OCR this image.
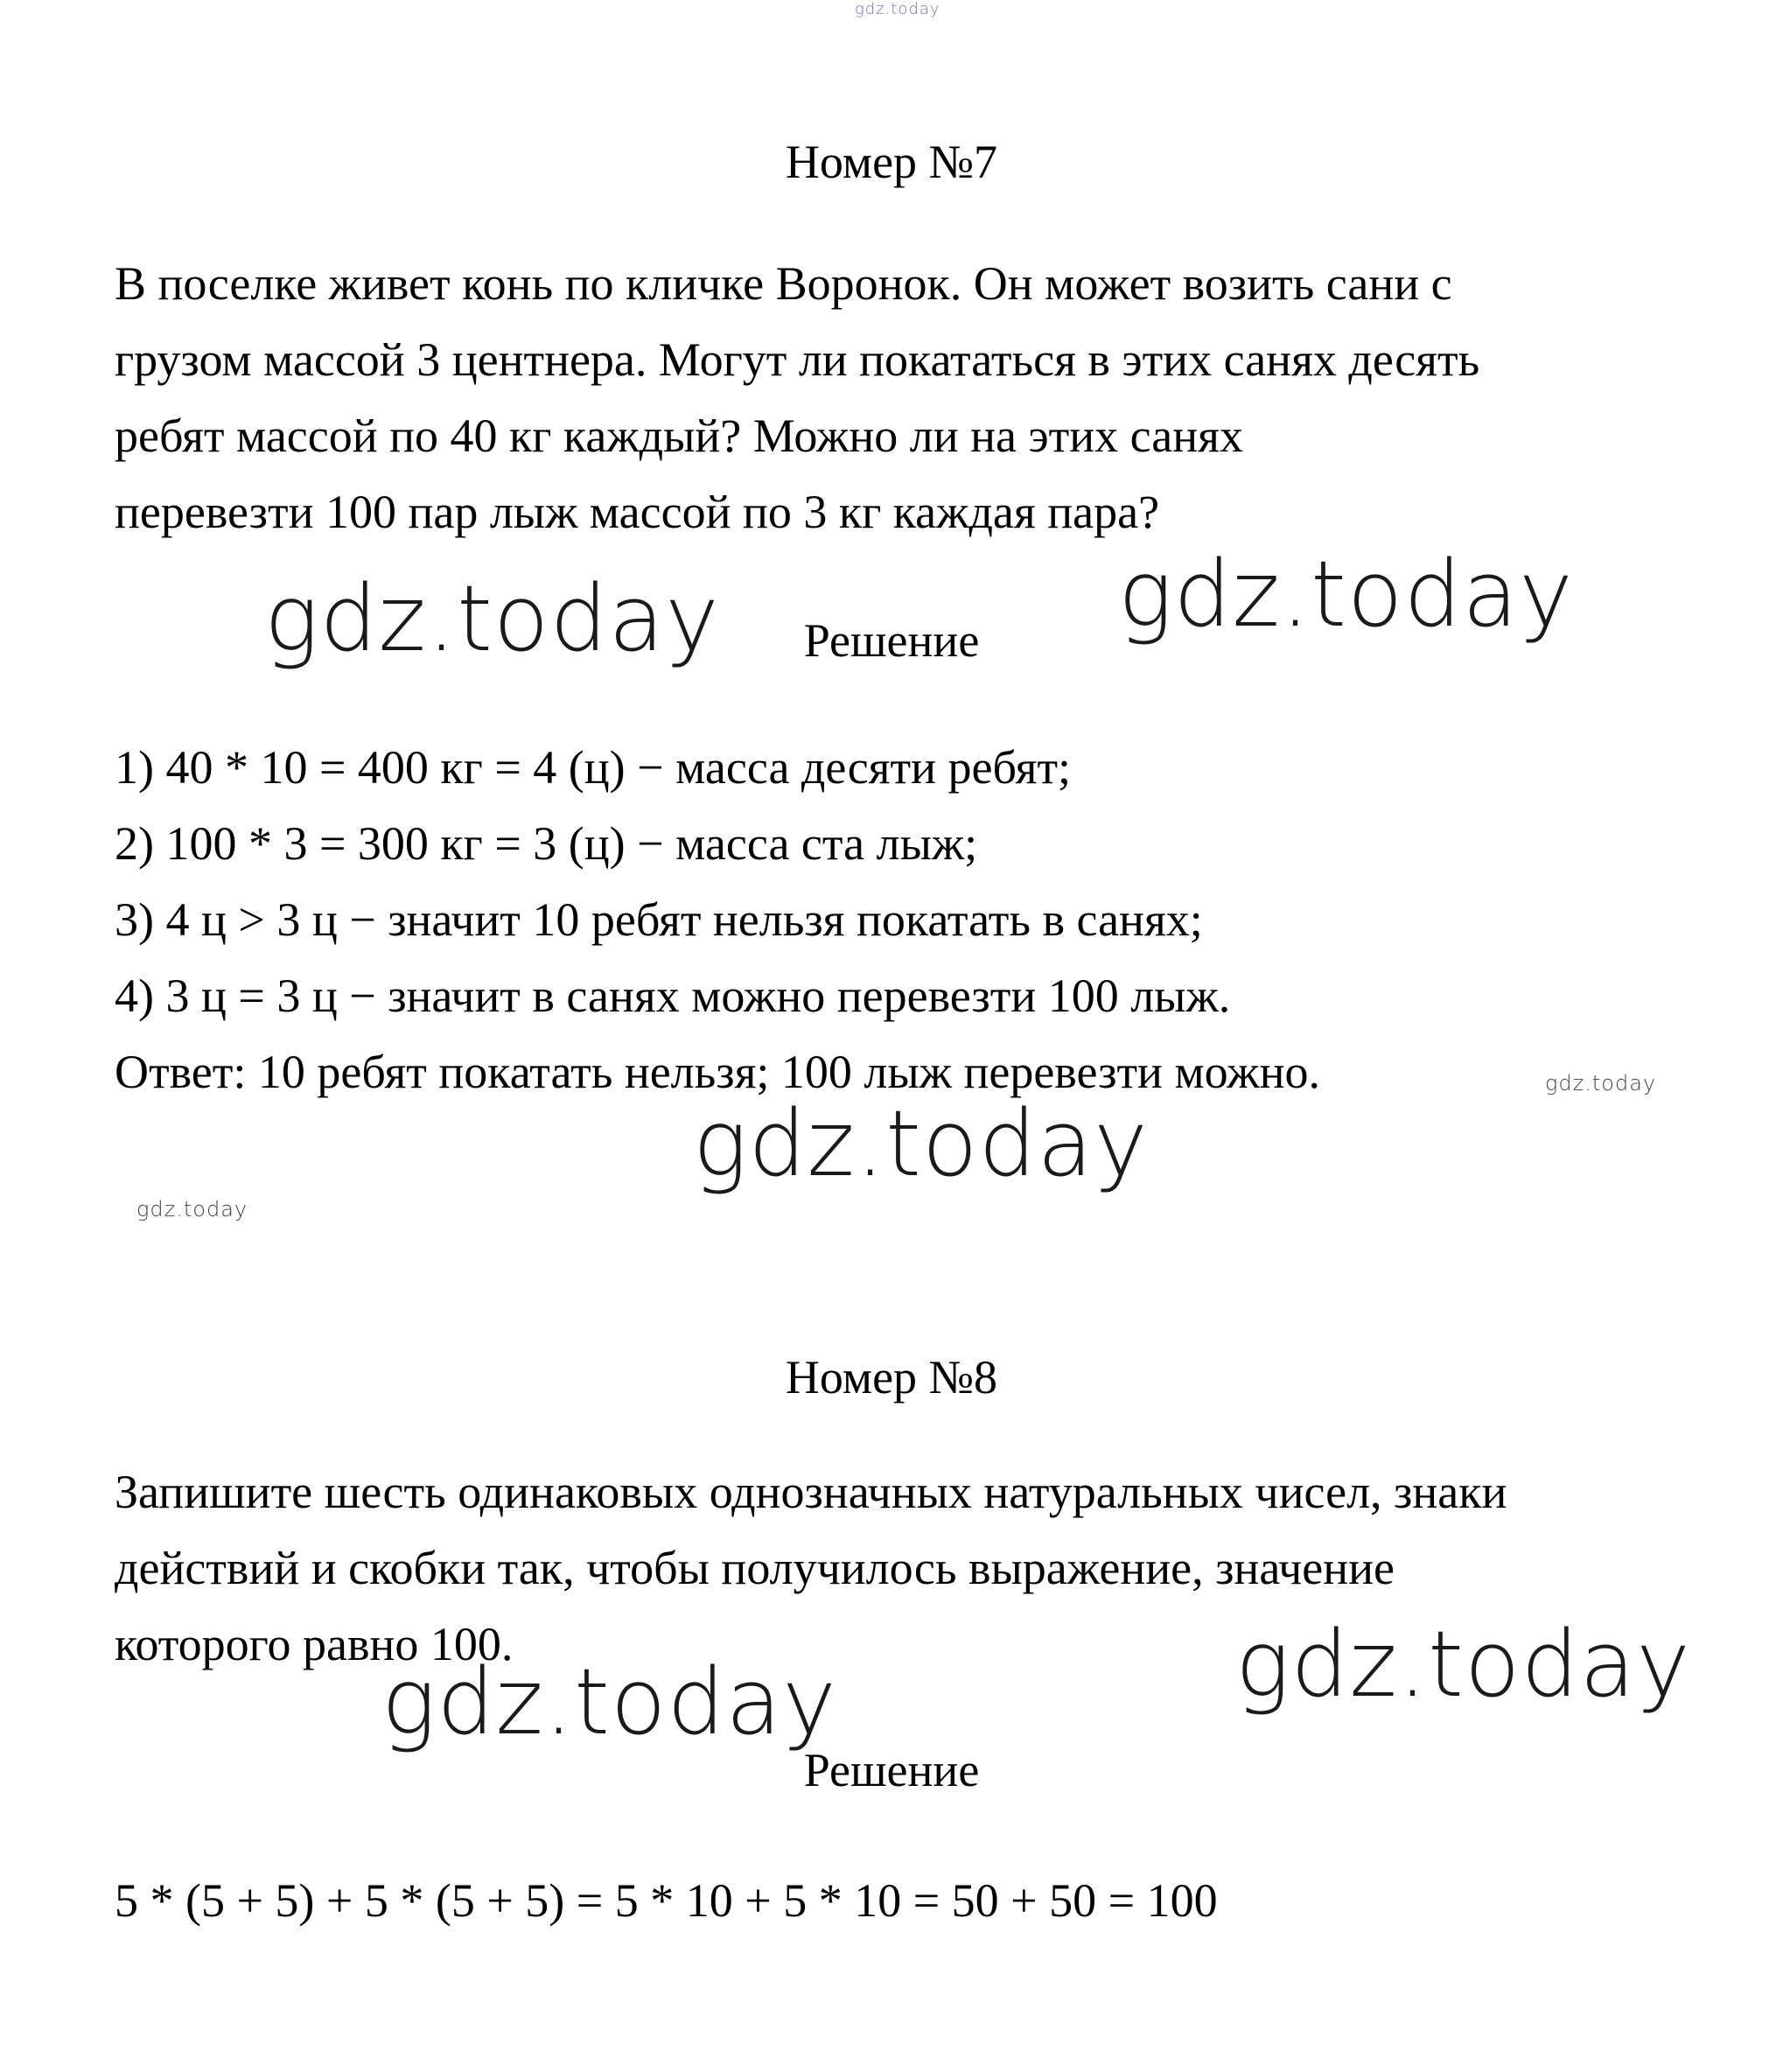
gdz.today
Номер №7
В поселке живет конь по кличке Воронок. Он может возить сани с
грузом массой 3 центнера. Могут ли покататься в этих санях десять
ребят массой по 40 кг каждый? Можно ли на этих санях
перевезти 100 пар лыж массой по 3 кг каждая пара?
gdz.today	gdz.today
Решение
1) 40 * 10 = 400 кг = 4 (ц) − масса десяти ребят;
2) 100 * 3 = 300 кг = 3 (ц) − масса ста лыж;
3) 4 ц > 3 ц − значит 10 ребят нельзя покатать в санях;
4) 3 ц = 3 ц − значит в санях можно перевезти 100 лыж.
Ответ: 10 ребят покатать нельзя; 100 лыж перевезти можно.	gdz.today
gdz.today
gdz.today
Номер №8
Запишите шесть одинаковых однозначных натуральных чисел, знаки
действий и скобки так, чтобы получилось выражение, значение
которого равно 100.	gdz.today
gdz.today
Решение
5 * (5 + 5) + 5 * (5 + 5) = 5 * 10 + 5 * 10 = 50 + 50 = 100
